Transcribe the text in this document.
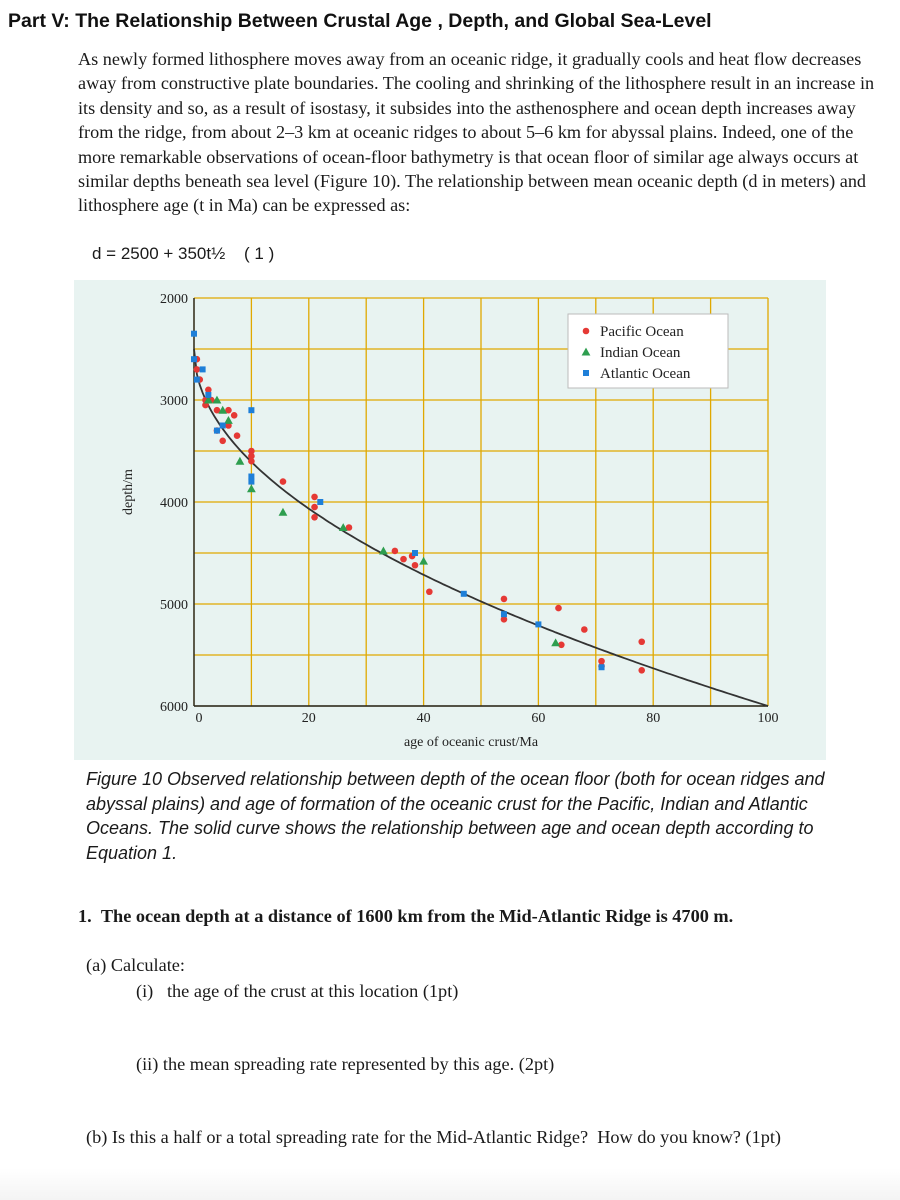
Part V: The Relationship Between Crustal Age , Depth, and Global Sea-Level

As newly formed lithosphere moves away from an oceanic ridge, it gradually cools and heat flow decreases away from constructive plate boundaries. The cooling and shrinking of the lithosphere result in an increase in its density and so, as a result of isostasy, it subsides into the asthenosphere and ocean depth increases away from the ridge, from about 2–3 km at oceanic ridges to about 5–6 km for abyssal plains. Indeed, one of the more remarkable observations of ocean-floor bathymetry is that ocean floor of similar age always occurs at similar depths beneath sea level (Figure 10). The relationship between mean oceanic depth (d in meters) and lithosphere age (t in Ma) can be expressed as:

d = 2500 + 350t½ ( 1 )
0	20	40	60	80	100
2000
3000
4000
5000
6000
age of oceanic crust/Ma
depth/m
Pacific Ocean
Indian Ocean
Atlantic Ocean

Figure 10 Observed relationship between depth of the ocean floor (both for ocean ridges and abyssal plains) and age of formation of the oceanic crust for the Pacific, Indian and Atlantic Oceans. The solid curve shows the relationship between age and ocean depth according to Equation 1.

1.  The ocean depth at a distance of 1600 km from the Mid-Atlantic Ridge is 4700 m.
(a) Calculate:
(i)   the age of the crust at this location (1pt)
(ii) the mean spreading rate represented by this age. (2pt)
(b) Is this a half or a total spreading rate for the Mid-Atlantic Ridge?  How do you know? (1pt)
